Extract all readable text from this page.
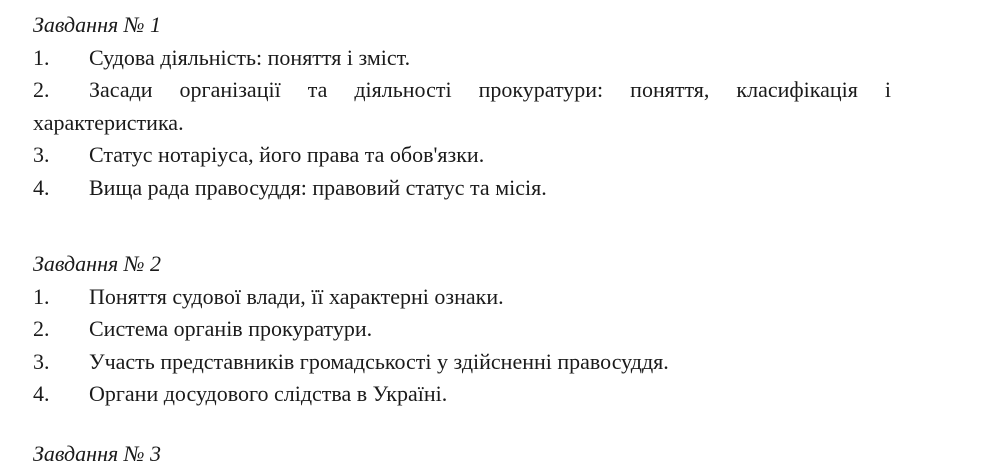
Завдання № 1

1.	Судова діяльність: поняття і зміст.
2. Засади організації та діяльності прокуратури: поняття, класифікація і характеристика.
3.	Статус нотаріуса, його права та обов'язки.
4.	Вища рада правосуддя: правовий статус та місія.

Завдання № 2

1.	Поняття судової влади, її характерні ознаки.
2.	Система органів прокуратури.
3.	Участь представників громадськості у здійсненні правосуддя.
4.	Органи досудового слідства в Україні.

Завдання № 3
